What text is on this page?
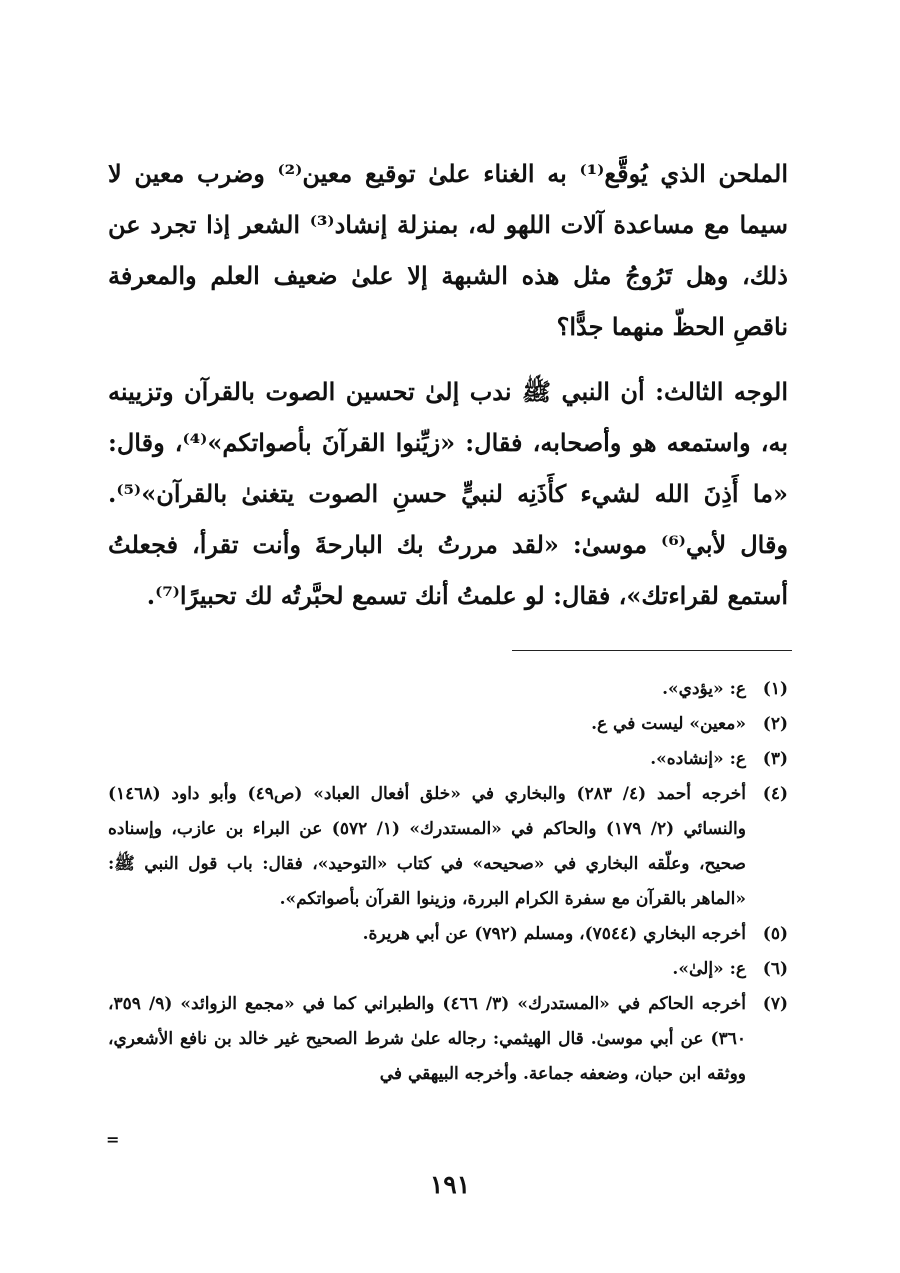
الملحن الذي يُوقَّع⁽¹⁾ به الغناء علىٰ توقيع معين⁽²⁾ وضرب معين لا سيما مع مساعدة آلات اللهو له، بمنزلة إنشاد⁽³⁾ الشعر إذا تجرد عن ذلك، وهل تَرُوجُ مثل هذه الشبهة إلا علىٰ ضعيف العلم والمعرفة ناقصِ الحظّ منهما جدًّا؟

الوجه الثالث: أن النبي ﷺ ندب إلىٰ تحسين الصوت بالقرآن وتزيينه به، واستمعه هو وأصحابه، فقال: «زيِّنوا القرآنَ بأصواتكم»⁽⁴⁾، وقال: «ما أَذِنَ الله لشيء كأَذَنِه لنبيٍّ حسنِ الصوت يتغنىٰ بالقرآن»⁽⁵⁾. وقال لأبي⁽⁶⁾ موسىٰ: «لقد مررتُ بك البارحةَ وأنت تقرأ، فجعلتُ أستمع لقراءتك»، فقال: لو علمتُ أنك تسمع لحبَّرتُه لك تحبيرًا⁽⁷⁾.

(١)
ع: «يؤدي».
(٢)
«معين» ليست في ع.
(٣)
ع: «إنشاده».
(٤)
أخرجه أحمد (٤/ ٢٨٣) والبخاري في «خلق أفعال العباد» (ص٤٩) وأبو داود (١٤٦٨) والنسائي (٢/ ١٧٩) والحاكم في «المستدرك» (١/ ٥٧٢) عن البراء بن عازب، وإسناده صحيح، وعلّقه البخاري في «صحيحه» في كتاب «التوحيد»، فقال: باب قول النبي ﷺ: «الماهر بالقرآن مع سفرة الكرام البررة، وزينوا القرآن بأصواتكم».
(٥)
أخرجه البخاري (٧٥٤٤)، ومسلم (٧٩٢) عن أبي هريرة.
(٦)
ع: «إلىٰ».
(٧)
أخرجه الحاكم في «المستدرك» (٣/ ٤٦٦) والطبراني كما في «مجمع الزوائد» (٩/ ٣٥٩، ٣٦٠) عن أبي موسىٰ. قال الهيثمي: رجاله علىٰ شرط الصحيح غير خالد بن نافع الأشعري، ووثقه ابن حبان، وضعفه جماعة. وأخرجه البيهقي في
=
١٩١
